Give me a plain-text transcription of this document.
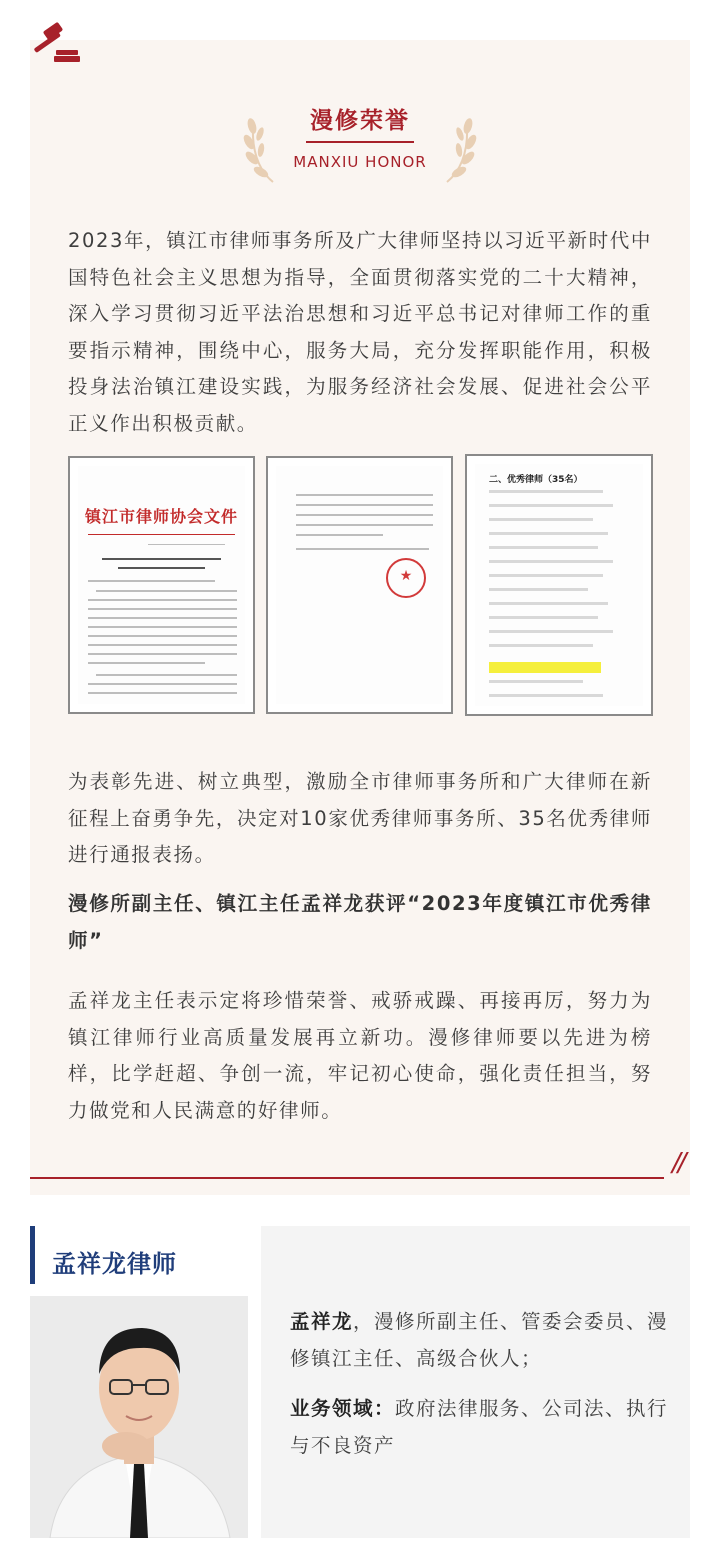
漫修荣誉
MANXIU HONOR
2023年，镇江市律师事务所及广大律师坚持以习近平新时代中国特色社会主义思想为指导，全面贯彻落实党的二十大精神，深入学习贯彻习近平法治思想和习近平总书记对律师工作的重要指示精神，围绕中心，服务大局，充分发挥职能作用，积极投身法治镇江建设实践，为服务经济社会发展、促进社会公平正义作出积极贡献。
镇江市律师协会文件
★
二、优秀律师（35名）
为表彰先进、树立典型，激励全市律师事务所和广大律师在新征程上奋勇争先，决定对10家优秀律师事务所、35名优秀律师进行通报表扬。
漫修所副主任、镇江主任孟祥龙获评“2023年度镇江市优秀律师”
孟祥龙主任表示定将珍惜荣誉、戒骄戒躁、再接再厉，努力为镇江律师行业高质量发展再立新功。漫修律师要以先进为榜样，比学赶超、争创一流，牢记初心使命，强化责任担当，努力做党和人民满意的好律师。
//
孟祥龙律师
孟祥龙，漫修所副主任、管委会委员、漫修镇江主任、高级合伙人；
业务领域：政府法律服务、公司法、执行与不良资产
